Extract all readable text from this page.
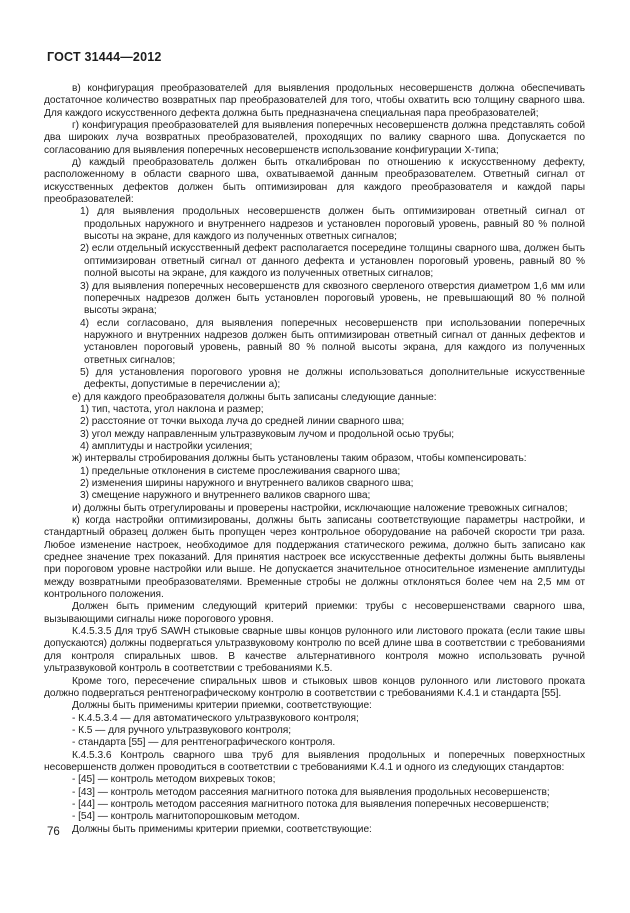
ГОСТ 31444—2012
в) конфигурация преобразователей для выявления продольных несовершенств должна обеспечивать достаточное количество возвратных пар преобразователей для того, чтобы охватить всю толщину сварного шва. Для каждого искусственного дефекта должна быть предназначена специальная пара преобразователей;
г) конфигурация преобразователей для выявления поперечных несовершенств должна представлять собой два широких луча возвратных преобразователей, проходящих по валику сварного шва. Допускается по согласованию для выявления поперечных несовершенств использование конфигурации X-типа;
д) каждый преобразователь должен быть откалиброван по отношению к искусственному дефекту, расположенному в области сварного шва, охватываемой данным преобразователем. Ответный сигнал от искусственных дефектов должен быть оптимизирован для каждого преобразователя и каждой пары преобразователей:
1) для выявления продольных несовершенств должен быть оптимизирован ответный сигнал от продольных наружного и внутреннего надрезов и установлен пороговый уровень, равный 80 % полной высоты на экране, для каждого из полученных ответных сигналов;
2) если отдельный искусственный дефект располагается посередине толщины сварного шва, должен быть оптимизирован ответный сигнал от данного дефекта и установлен пороговый уровень, равный 80 % полной высоты на экране, для каждого из полученных ответных сигналов;
3) для выявления поперечных несовершенств для сквозного сверленого отверстия диаметром 1,6 мм или поперечных надрезов должен быть установлен пороговый уровень, не превышающий 80 % полной высоты экрана;
4) если согласовано, для выявления поперечных несовершенств при использовании поперечных наружного и внутренних надрезов должен быть оптимизирован ответный сигнал от данных дефектов и установлен пороговый уровень, равный 80 % полной высоты экрана, для каждого из полученных ответных сигналов;
5) для установления порогового уровня не должны использоваться дополнительные искусственные дефекты, допустимые в перечислении а);
е) для каждого преобразователя должны быть записаны следующие данные:
1) тип, частота, угол наклона и размер;
2) расстояние от точки выхода луча до средней линии сварного шва;
3) угол между направленным ультразвуковым лучом и продольной осью трубы;
4) амплитуды и настройки усиления;
ж) интервалы стробирования должны быть установлены таким образом, чтобы компенсировать:
1) предельные отклонения в системе прослеживания сварного шва;
2) изменения ширины наружного и внутреннего валиков сварного шва;
3) смещение наружного и внутреннего валиков сварного шва;
и) должны быть отрегулированы и проверены настройки, исключающие наложение тревожных сигналов;
к) когда настройки оптимизированы, должны быть записаны соответствующие параметры настройки, и стандартный образец должен быть пропущен через контрольное оборудование на рабочей скорости три раза. Любое изменение настроек, необходимое для поддержания статического режима, должно быть записано как среднее значение трех показаний. Для принятия настроек все искусственные дефекты должны быть выявлены при пороговом уровне настройки или выше. Не допускается значительное относительное изменение амплитуды между возвратными преобразователями. Временные стробы не должны отклоняться более чем на 2,5 мм от контрольного положения.
Должен быть применим следующий критерий приемки: трубы с несовершенствами сварного шва, вызывающими сигналы ниже порогового уровня.
К.4.5.3.5 Для труб SAWH стыковые сварные швы концов рулонного или листового проката (если такие швы допускаются) должны подвергаться ультразвуковому контролю по всей длине шва в соответствии с требованиями для контроля спиральных швов. В качестве альтернативного контроля можно использовать ручной ультразвуковой контроль в соответствии с требованиями К.5.
Кроме того, пересечение спиральных швов и стыковых швов концов рулонного или листового проката должно подвергаться рентгенографическому контролю в соответствии с требованиями К.4.1 и стандарта [55].
Должны быть применимы критерии приемки, соответствующие:
- К.4.5.3.4 — для автоматического ультразвукового контроля;
- К.5 — для ручного ультразвукового контроля;
- стандарта [55] — для рентгенографического контроля.
К.4.5.3.6 Контроль сварного шва труб для выявления продольных и поперечных поверхностных несовершенств должен проводиться в соответствии с требованиями К.4.1 и одного из следующих стандартов:
- [45] — контроль методом вихревых токов;
- [43] — контроль методом рассеяния магнитного потока для выявления продольных несовершенств;
- [44] — контроль методом рассеяния магнитного потока для выявления поперечных несовершенств;
- [54] — контроль магнитопорошковым методом.
Должны быть применимы критерии приемки, соответствующие:
76
